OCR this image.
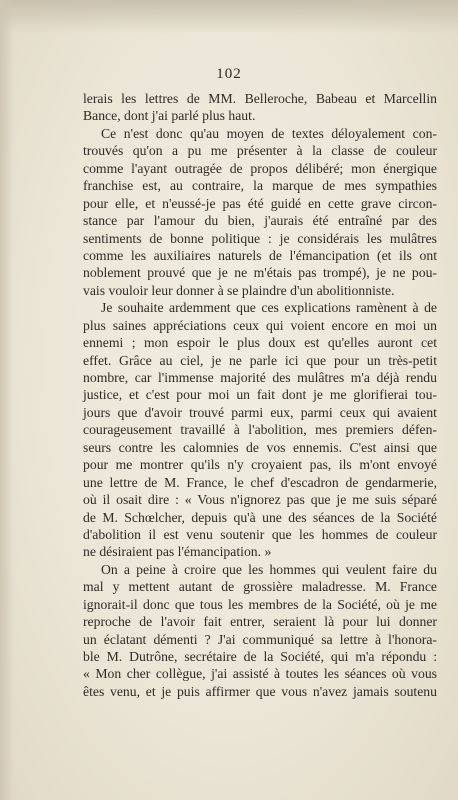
102
lerais les lettres de MM. Belleroche, Babeau et Marcellin
Bance, dont j'ai parlé plus haut.
Ce n'est donc qu'au moyen de textes déloyalement con-
trouvés qu'on a pu me présenter à la classe de couleur
comme l'ayant outragée de propos délibéré; mon énergique
franchise est, au contraire, la marque de mes sympathies
pour elle, et n'eussé-je pas été guidé en cette grave circon-
stance par l'amour du bien, j'aurais été entraîné par des
sentiments de bonne politique : je considérais les mulâtres
comme les auxiliaires naturels de l'émancipation (et ils ont
noblement prouvé que je ne m'étais pas trompé), je ne pou-
vais vouloir leur donner à se plaindre d'un abolitionniste.
Je souhaite ardemment que ces explications ramènent à de
plus saines appréciations ceux qui voient encore en moi un
ennemi ; mon espoir le plus doux est qu'elles auront cet
effet. Grâce au ciel, je ne parle ici que pour un très-petit
nombre, car l'immense majorité des mulâtres m'a déjà rendu
justice, et c'est pour moi un fait dont je me glorifierai tou-
jours que d'avoir trouvé parmi eux, parmi ceux qui avaient
courageusement travaillé à l'abolition, mes premiers défen-
seurs contre les calomnies de vos ennemis. C'est ainsi que
pour me montrer qu'ils n'y croyaient pas, ils m'ont envoyé
une lettre de M. France, le chef d'escadron de gendarmerie,
où il osait dire : « Vous n'ignorez pas que je me suis séparé
de M. Schœlcher, depuis qu'à une des séances de la Société
d'abolition il est venu soutenir que les hommes de couleur
ne désiraient pas l'émancipation. »
On a peine à croire que les hommes qui veulent faire du
mal y mettent autant de grossière maladresse. M. France
ignorait-il donc que tous les membres de la Société, où je me
reproche de l'avoir fait entrer, seraient là pour lui donner
un éclatant démenti ? J'ai communiqué sa lettre à l'honora-
ble M. Dutrône, secrétaire de la Société, qui m'a répondu :
« Mon cher collègue, j'ai assisté à toutes les séances où vous
êtes venu, et je puis affirmer que vous n'avez jamais soutenu
